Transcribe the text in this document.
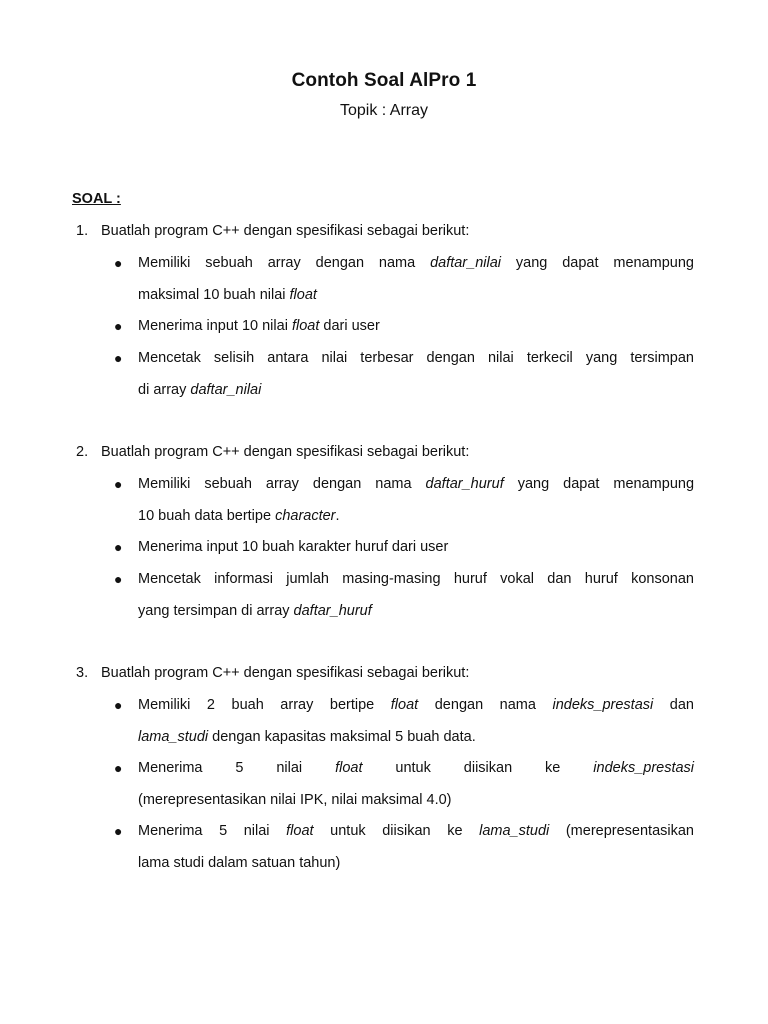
Contoh Soal AlPro 1
Topik : Array
SOAL :
1. Buatlah program C++ dengan spesifikasi sebagai berikut:
● Memiliki sebuah array dengan nama daftar_nilai yang dapat menampung
maksimal 10 buah nilai float
● Menerima input 10 nilai float dari user
● Mencetak selisih antara nilai terbesar dengan nilai terkecil yang tersimpan
di array daftar_nilai
2. Buatlah program C++ dengan spesifikasi sebagai berikut:
● Memiliki sebuah array dengan nama daftar_huruf yang dapat menampung
10 buah data bertipe character.
● Menerima input 10 buah karakter huruf dari user
● Mencetak informasi jumlah masing-masing huruf vokal dan huruf konsonan
yang tersimpan di array daftar_huruf
3. Buatlah program C++ dengan spesifikasi sebagai berikut:
● Memiliki 2 buah array bertipe float dengan nama indeks_prestasi dan
lama_studi dengan kapasitas maksimal 5 buah data.
● Menerima 5 nilai float untuk diisikan ke indeks_prestasi
(merepresentasikan nilai IPK, nilai maksimal 4.0)
● Menerima 5 nilai float untuk diisikan ke lama_studi (merepresentasikan
lama studi dalam satuan tahun)
